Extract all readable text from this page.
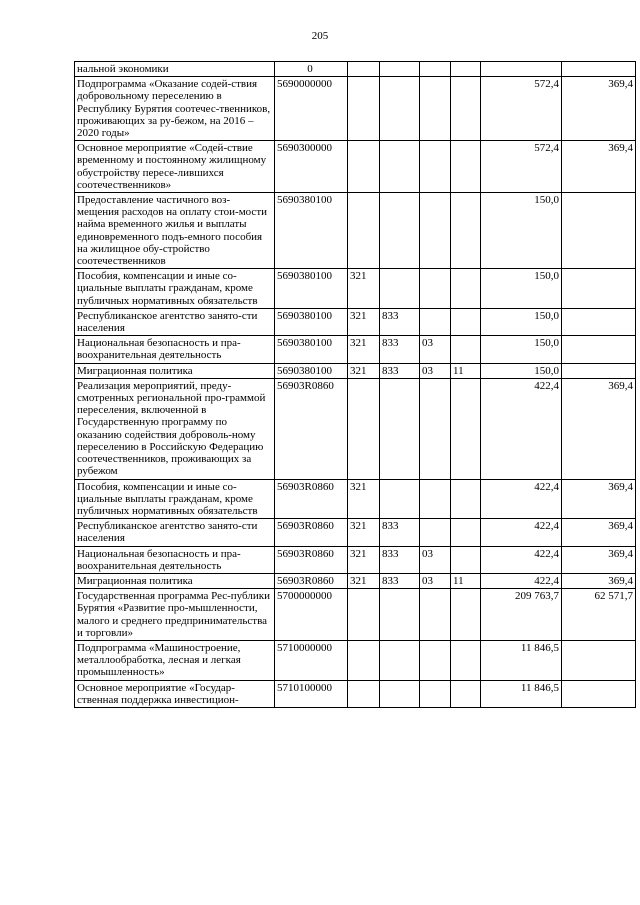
205
нальной экономики	0						
Подпрограмма «Оказание содей-ствия добровольному переселению в Республику Бурятия соотечес-твенников, проживающих за ру-бежом, на 2016 – 2020 годы»	5690000000					572,4	369,4
Основное мероприятие «Содей-ствие временному и постоянному жилищному обустройству пересе-лившихся соотечественников»	5690300000					572,4	369,4
Предоставление частичного воз-мещения расходов на оплату стои-мости найма временного жилья и выплаты единовременного подъ-емного пособия на жилищное обу-стройство соотечественников	5690380100					150,0	
Пособия, компенсации и иные со-циальные выплаты гражданам, кроме публичных нормативных обязательств	5690380100	321				150,0	
Республиканское агентство занято-сти населения	5690380100	321	833			150,0	
Национальная безопасность и пра-воохранительная деятельность	5690380100	321	833	03		150,0	
Миграционная политика	5690380100	321	833	03	11	150,0	
Реализация мероприятий, преду-смотренных региональной про-граммой переселения, включенной в Государственную программу по оказанию содействия доброволь-ному переселению в Российскую Федерацию соотечественников, проживающих за рубежом	56903R0860					422,4	369,4
Пособия, компенсации и иные со-циальные выплаты гражданам, кроме публичных нормативных обязательств	56903R0860	321				422,4	369,4
Республиканское агентство занято-сти населения	56903R0860	321	833			422,4	369,4
Национальная безопасность и пра-воохранительная деятельность	56903R0860	321	833	03		422,4	369,4
Миграционная политика	56903R0860	321	833	03	11	422,4	369,4
Государственная программа Рес-публики Бурятия «Развитие про-мышленности, малого и среднего предпринимательства и торговли»	5700000000					209 763,7	62 571,7
Подпрограмма «Машиностроение, металлообработка, лесная и легкая промышленность»	5710000000					11 846,5	
Основное мероприятие «Государ-ственная поддержка инвестицион-	5710100000					11 846,5	
